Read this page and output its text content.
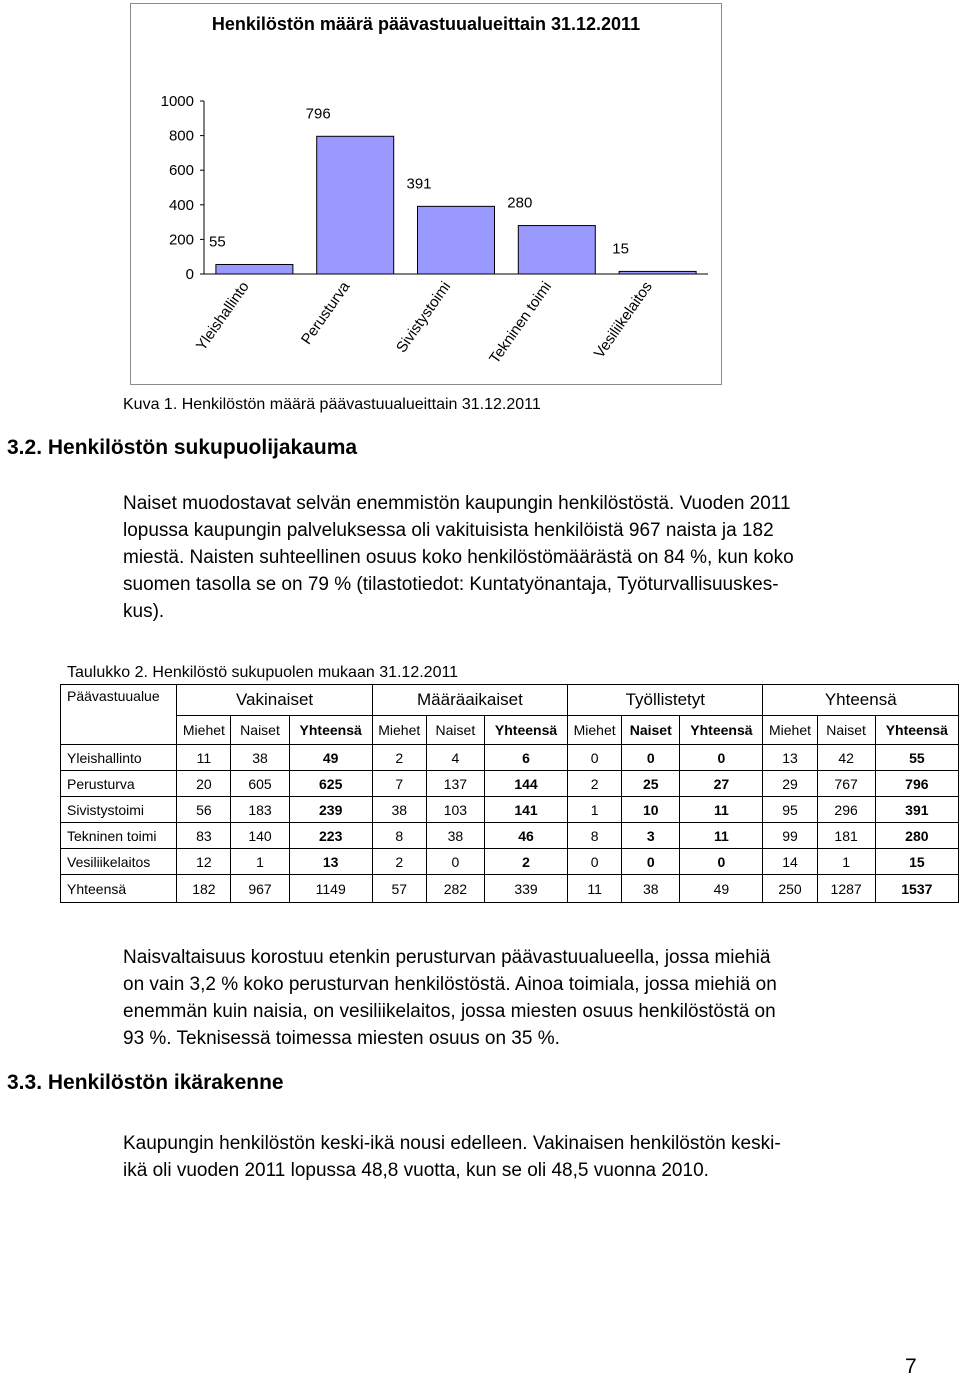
1000
800
600
400
200
0
55
Yleishallinto
796
Perusturva
391
Sivistystoimi
280
Tekninen toimi
15
Vesiliikelaitos
Henkilöstön määrä päävastuualueittain 31.12.2011
Kuva 1. Henkilöstön määrä päävastuualueittain 31.12.2011
3.2. Henkilöstön sukupuolijakauma
Naiset muodostavat selvän enemmistön kaupungin henkilöstöstä. Vuoden 2011
lopussa kaupungin palveluksessa oli vakituisista henkilöistä 967 naista ja 182
miestä. Naisten suhteellinen osuus koko henkilöstömäärästä on 84 %, kun koko
suomen tasolla se on 79 % (tilastotiedot: Kuntatyönantaja, Työturvallisuuskes-
kus).
Taulukko 2. Henkilöstö sukupuolen mukaan 31.12.2011
Päävastuualue	Vakinaiset			Määräaikaiset			Työllistetyt			Yhteensä		
	Miehet	Naiset	Yhteensä	Miehet	Naiset	Yhteensä	Miehet	Naiset	Yhteensä	Miehet	Naiset	Yhteensä
Yleishallinto	11	38	49	2	4	6	0	0	0	13	42	55
Perusturva	20	605	625	7	137	144	2	25	27	29	767	796
Sivistystoimi	56	183	239	38	103	141	1	10	11	95	296	391
Tekninen toimi	83	140	223	8	38	46	8	3	11	99	181	280
Vesiliikelaitos	12	1	13	2	0	2	0	0	0	14	1	15
Yhteensä	182	967	1149	57	282	339	11	38	49	250	1287	1537
Naisvaltaisuus korostuu etenkin perusturvan päävastuualueella, jossa miehiä
on vain 3,2 % koko perusturvan henkilöstöstä. Ainoa toimiala, jossa miehiä on
enemmän kuin naisia, on vesiliikelaitos, jossa miesten osuus henkilöstöstä on
93 %. Teknisessä toimessa miesten osuus on 35 %.
3.3. Henkilöstön ikärakenne
Kaupungin henkilöstön keski-ikä nousi edelleen. Vakinaisen henkilöstön keski-
ikä oli vuoden 2011 lopussa 48,8 vuotta, kun se oli 48,5 vuonna 2010.
7
